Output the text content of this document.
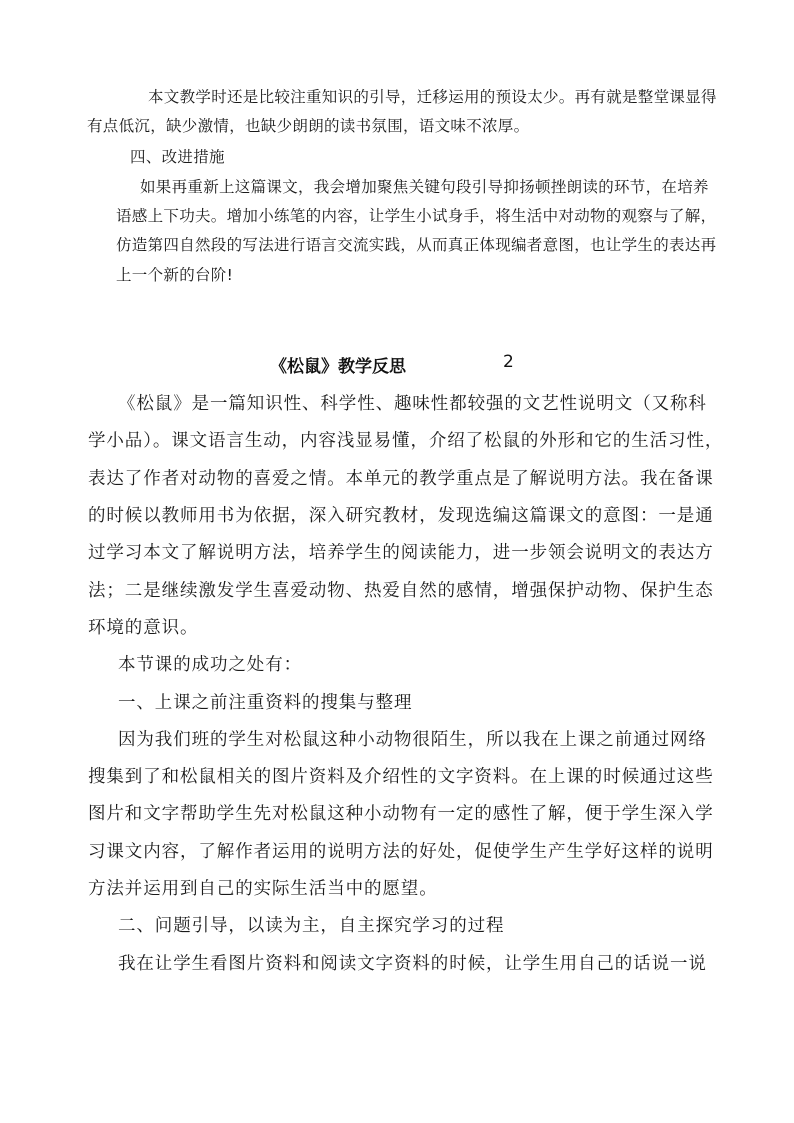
本文教学时还是比较注重知识的引导，迁移运用的预设太少。再有就是整堂课显得
有点低沉，缺少激情，也缺少朗朗的读书氛围，语文味不浓厚。
四、改进措施
如果再重新上这篇课文，我会增加聚焦关键句段引导抑扬顿挫朗读的环节，在培养
语感上下功夫。增加小练笔的内容，让学生小试身手，将生活中对动物的观察与了解，
仿造第四自然段的写法进行语言交流实践，从而真正体现编者意图，也让学生的表达再
上一个新的台阶!
《松鼠》教学反思	2
《松鼠》是一篇知识性、科学性、趣味性都较强的文艺性说明文（又称科
学小品）。课文语言生动，内容浅显易懂，介绍了松鼠的外形和它的生活习性，
表达了作者对动物的喜爱之情。本单元的教学重点是了解说明方法。我在备课
的时候以教师用书为依据，深入研究教材，发现选编这篇课文的意图：一是通
过学习本文了解说明方法，培养学生的阅读能力，进一步领会说明文的表达方
法；二是继续激发学生喜爱动物、热爱自然的感情，增强保护动物、保护生态
环境的意识。
本节课的成功之处有：
一、上课之前注重资料的搜集与整理
因为我们班的学生对松鼠这种小动物很陌生，所以我在上课之前通过网络
搜集到了和松鼠相关的图片资料及介绍性的文字资料。在上课的时候通过这些
图片和文字帮助学生先对松鼠这种小动物有一定的感性了解，便于学生深入学
习课文内容，了解作者运用的说明方法的好处，促使学生产生学好这样的说明
方法并运用到自己的实际生活当中的愿望。
二、问题引导，以读为主，自主探究学习的过程
我在让学生看图片资料和阅读文字资料的时候，让学生用自己的话说一说
